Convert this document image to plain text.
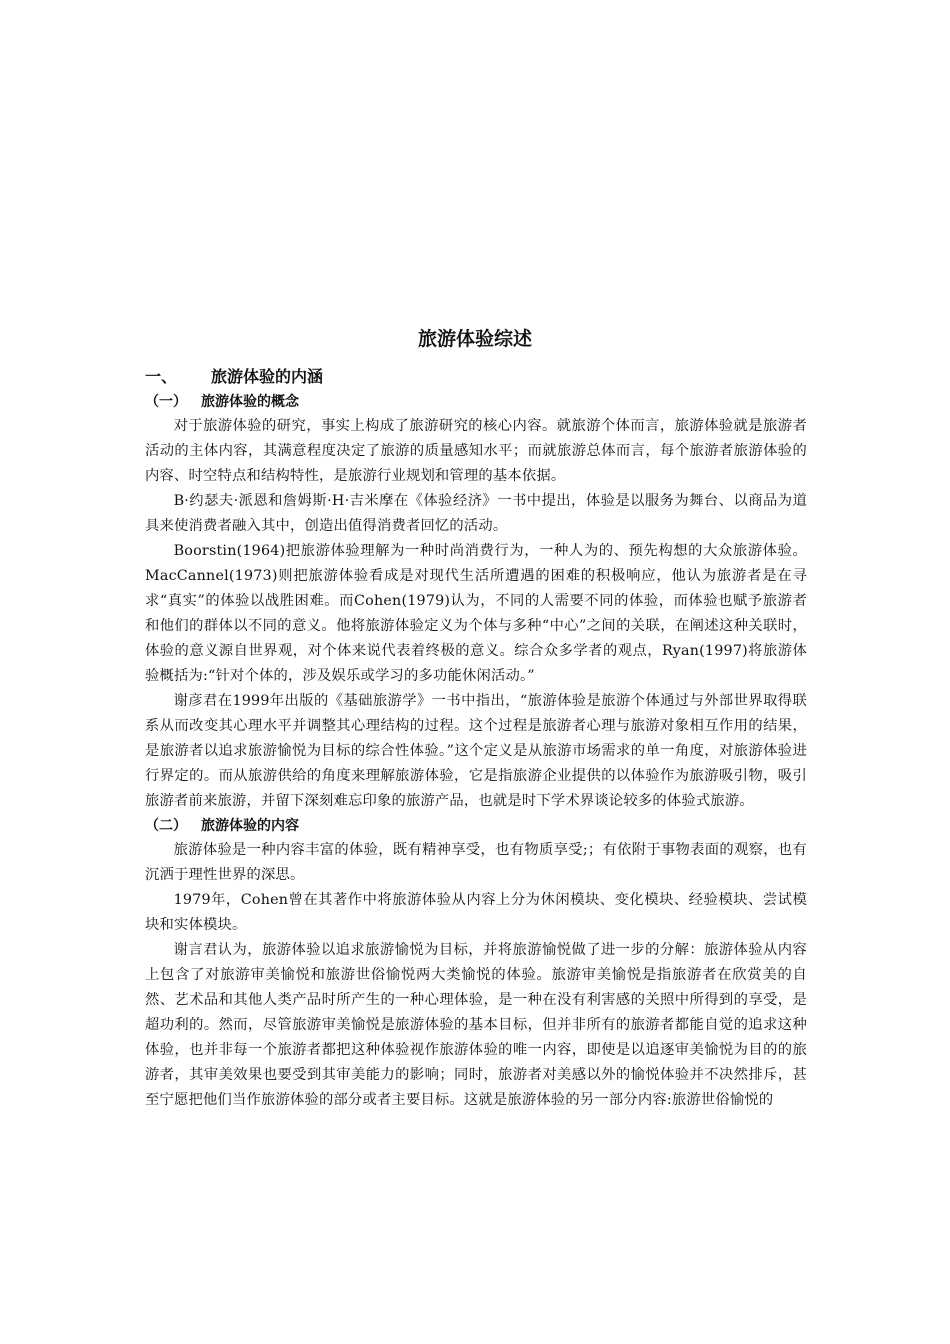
旅游体验综述
一、 旅游体验的内涵
（一） 旅游体验的概念

对于旅游体验的研究，事实上构成了旅游研究的核心内容。就旅游个体而言，旅游体验就是旅游者活动的主体内容，其满意程度决定了旅游的质量感知水平；而就旅游总体而言，每个旅游者旅游体验的内容、时空特点和结构特性，是旅游行业规划和管理的基本依据。

B·约瑟夫·派恩和詹姆斯·H·吉米摩在《体验经济》一书中提出，体验是以服务为舞台、以商品为道具来使消费者融入其中，创造出值得消费者回忆的活动。

Boorstin(1964)把旅游体验理解为一种时尚消费行为，一种人为的、预先构想的大众旅游体验。MacCannel(1973)则把旅游体验看成是对现代生活所遭遇的困难的积极响应，他认为旅游者是在寻求“真实”的体验以战胜困难。而Cohen(1979)认为，不同的人需要不同的体验，而体验也赋予旅游者和他们的群体以不同的意义。他将旅游体验定义为个体与多种“中心”之间的关联，在阐述这种关联时，体验的意义源自世界观，对个体来说代表着终极的意义。综合众多学者的观点，Ryan(1997)将旅游体验概括为:“针对个体的，涉及娱乐或学习的多功能休闲活动。”

谢彦君在1999年出版的《基础旅游学》一书中指出，“旅游体验是旅游个体通过与外部世界取得联系从而改变其心理水平并调整其心理结构的过程。这个过程是旅游者心理与旅游对象相互作用的结果，是旅游者以追求旅游愉悦为目标的综合性体验。”这个定义是从旅游市场需求的单一角度，对旅游体验进行界定的。而从旅游供给的角度来理解旅游体验，它是指旅游企业提供的以体验作为旅游吸引物，吸引旅游者前来旅游，并留下深刻难忘印象的旅游产品，也就是时下学术界谈论较多的体验式旅游。

（二） 旅游体验的内容

旅游体验是一种内容丰富的体验，既有精神享受，也有物质享受;；有依附于事物表面的观察，也有沉洒于理性世界的深思。

1979年，Cohen曾在其著作中将旅游体验从内容上分为休闲模块、变化模块、经验模块、尝试模块和实体模块。

谢言君认为，旅游体验以追求旅游愉悦为目标，并将旅游愉悦做了进一步的分解：旅游体验从内容上包含了对旅游审美愉悦和旅游世俗愉悦两大类愉悦的体验。旅游审美愉悦是指旅游者在欣赏美的自然、艺术品和其他人类产品时所产生的一种心理体验，是一种在没有利害感的关照中所得到的享受，是超功利的。然而，尽管旅游审美愉悦是旅游体验的基本目标，但并非所有的旅游者都能自觉的追求这种体验，也并非每一个旅游者都把这种体验视作旅游体验的唯一内容，即使是以追逐审美愉悦为目的的旅游者，其审美效果也要受到其审美能力的影响；同时，旅游者对美感以外的愉悦体验并不决然排斥，甚至宁愿把他们当作旅游体验的部分或者主要目标。这就是旅游体验的另一部分内容:旅游世俗愉悦的
